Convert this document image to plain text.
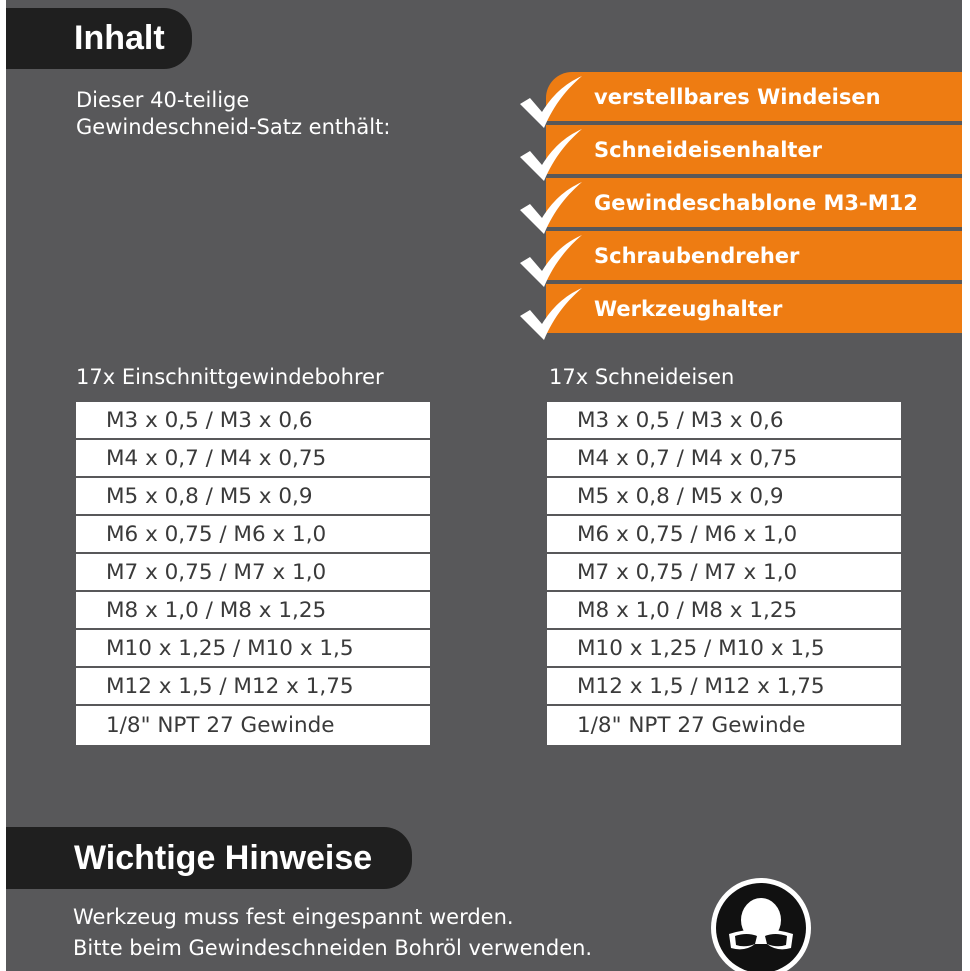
Inhalt
Dieser 40-teilige
Gewindeschneid-Satz enthält:
verstellbares Windeisen
Schneideisenhalter
Gewindeschablone M3-M12
Schraubendreher
Werkzeughalter
17x Einschnittgewindebohrer
M3 x 0,5 / M3 x 0,6
M4 x 0,7 / M4 x 0,75
M5 x 0,8 / M5 x 0,9
M6 x 0,75 / M6 x 1,0
M7 x 0,75 / M7 x 1,0
M8 x 1,0 / M8 x 1,25
M10 x 1,25 / M10 x 1,5
M12 x 1,5 / M12 x 1,75
1/8" NPT 27 Gewinde
17x Schneideisen
M3 x 0,5 / M3 x 0,6
M4 x 0,7 / M4 x 0,75
M5 x 0,8 / M5 x 0,9
M6 x 0,75 / M6 x 1,0
M7 x 0,75 / M7 x 1,0
M8 x 1,0 / M8 x 1,25
M10 x 1,25 / M10 x 1,5
M12 x 1,5 / M12 x 1,75
1/8" NPT 27 Gewinde
Wichtige Hinweise
Werkzeug muss fest eingespannt werden.
Bitte beim Gewindeschneiden Bohröl verwenden.
